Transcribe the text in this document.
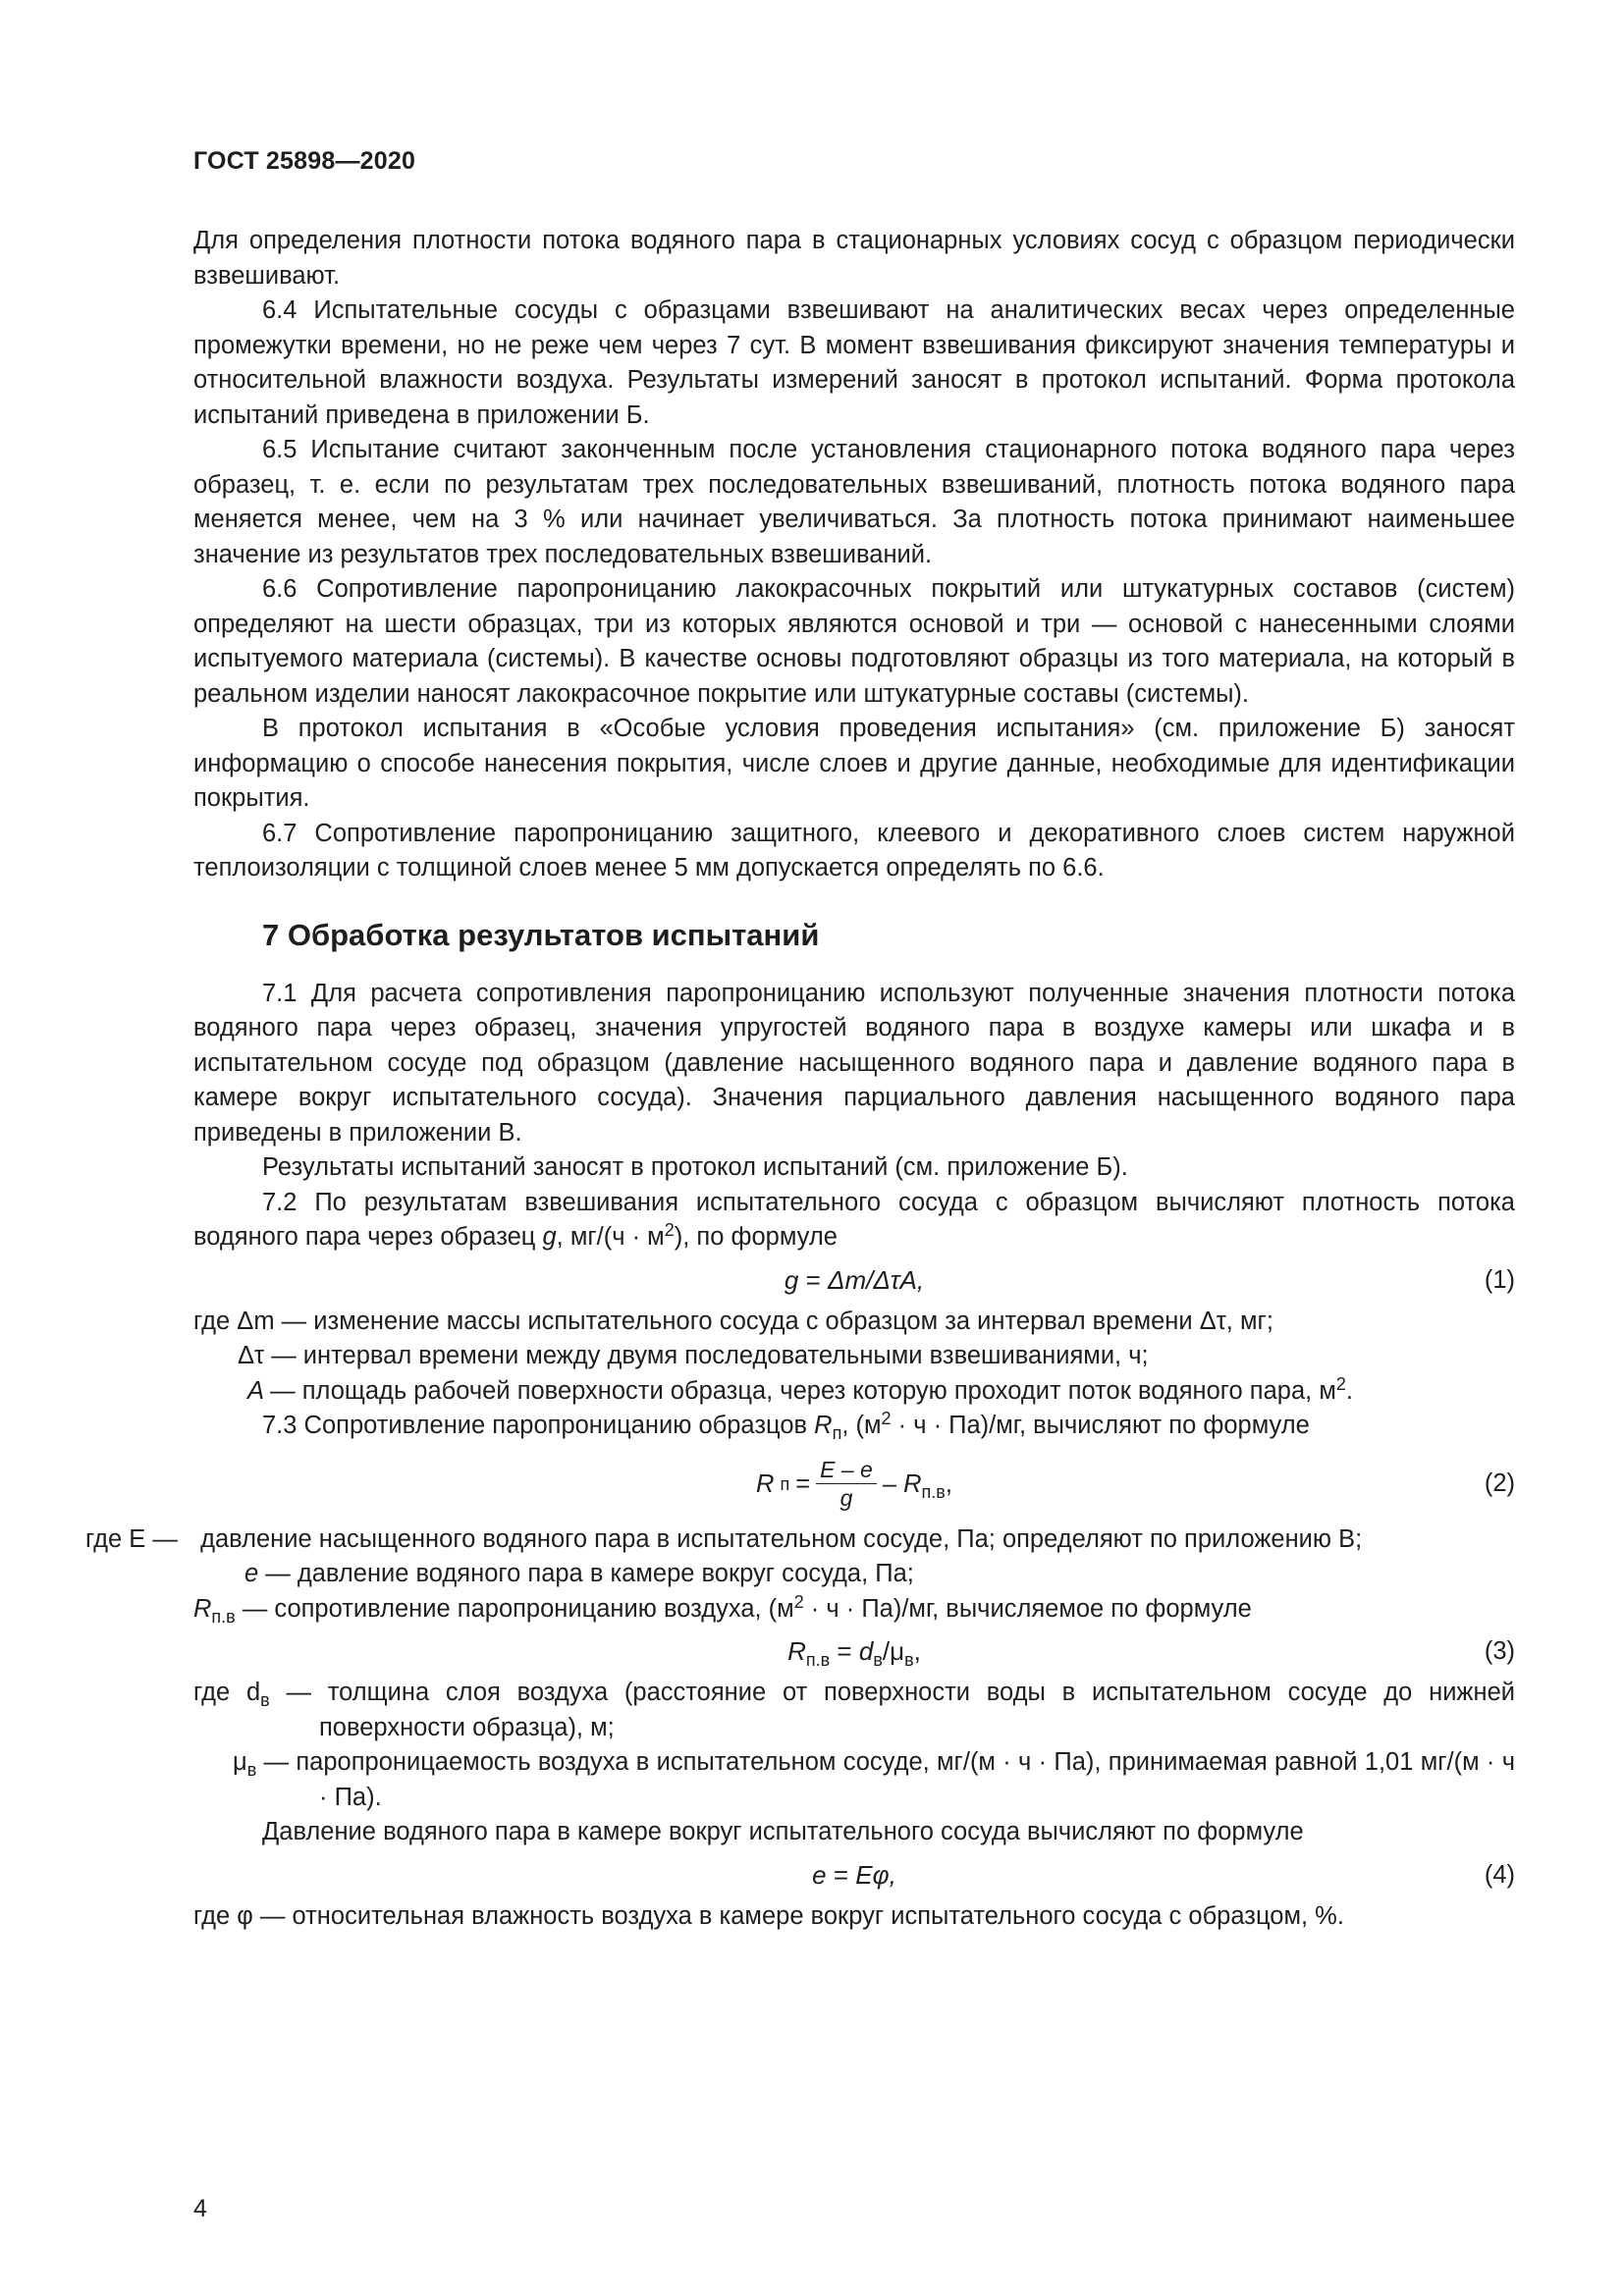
ГОСТ 25898—2020

Для определения плотности потока водяного пара в стационарных условиях сосуд с образцом периодически взвешивают.

6.4 Испытательные сосуды с образцами взвешивают на аналитических весах через определенные промежутки времени, но не реже чем через 7 сут. В момент взвешивания фиксируют значения температуры и относительной влажности воздуха. Результаты измерений заносят в протокол испытаний. Форма протокола испытаний приведена в приложении Б.

6.5 Испытание считают законченным после установления стационарного потока водяного пара через образец, т. е. если по результатам трех последовательных взвешиваний, плотность потока водяного пара меняется менее, чем на 3 % или начинает увеличиваться. За плотность потока принимают наименьшее значение из результатов трех последовательных взвешиваний.

6.6 Сопротивление паропроницанию лакокрасочных покрытий или штукатурных составов (систем) определяют на шести образцах, три из которых являются основой и три — основой с нанесенными слоями испытуемого материала (системы). В качестве основы подготовляют образцы из того материала, на который в реальном изделии наносят лакокрасочное покрытие или штукатурные составы (системы).

В протокол испытания в «Особые условия проведения испытания» (см. приложение Б) заносят информацию о способе нанесения покрытия, числе слоев и другие данные, необходимые для идентификации покрытия.

6.7 Сопротивление паропроницанию защитного, клеевого и декоративного слоев систем наружной теплоизоляции с толщиной слоев менее 5 мм допускается определять по 6.6.

7 Обработка результатов испытаний

7.1 Для расчета сопротивления паропроницанию используют полученные значения плотности потока водяного пара через образец, значения упругостей водяного пара в воздухе камеры или шкафа и в испытательном сосуде под образцом (давление насыщенного водяного пара и давление водяного пара в камере вокруг испытательного сосуда). Значения парциального давления насыщенного водяного пара приведены в приложении В.

Результаты испытаний заносят в протокол испытаний (см. приложение Б).

7.2 По результатам взвешивания испытательного сосуда с образцом вычисляют плотность потока водяного пара через образец g, $мг/(ч \cdot м^2)$, по формуле

g = Δm/ΔτA,	(1)
где Δm — изменение массы испытательного сосуда с образцом за интервал времени Δτ, мг;
Δτ — интервал времени между двумя последовательными взвешиваниями, ч;
A — площадь рабочей поверхности образца, через которую проходит поток водяного пара, $м^2$.

7.3 Сопротивление паропроницанию образцов $R_п$, $(м^2 \cdot ч \cdot Па)/мг$, вычисляют по формуле

R $п = \frac{E - e}{g} - R_{п.в}$,	(2)
где E — давление насыщенного водяного пара в испытательном сосуде, Па; определяют по приложению В;
e — давление водяного пара в камере вокруг сосуда, Па;
$R_{п.в}$ — сопротивление паропроницанию воздуха, $(м^2 \cdot ч \cdot Па)/мг$, вычисляемое по формуле
$R_{п.в} = d_в/\mu_в$,	(3)
где $d_в$ — толщина слоя воздуха (расстояние от поверхности воды в испытательном сосуде до нижней поверхности образца), м;
$\mu_в$ — паропроницаемость воздуха в испытательном сосуде, мг/(м · ч · Па), принимаемая равной 1,01 мг/(м · ч · Па).

Давление водяного пара в камере вокруг испытательного сосуда вычисляют по формуле

e = Eφ,	(4)
где φ — относительная влажность воздуха в камере вокруг испытательного сосуда с образцом, %.
4
